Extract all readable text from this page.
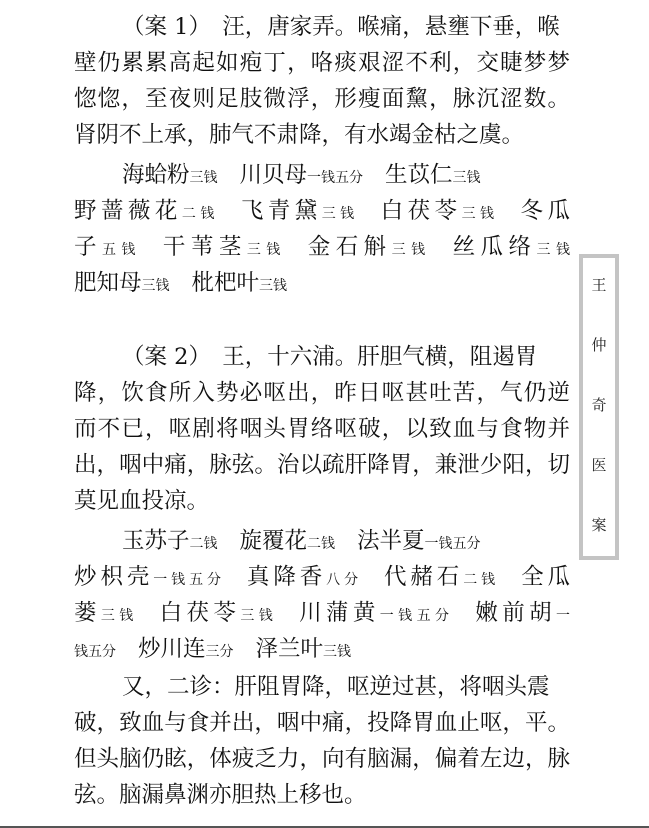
（案 1）　汪，唐家弄。喉痛，悬壅下垂，喉
壁仍累累高起如疱丁，咯痰艰涩不利，交睫梦梦
惚惚，至夜则足肢微浮，形瘦面黧，脉沉涩数。
肾阴不上承，肺气不肃降，有水竭金枯之虞。
海蛤粉三钱 川贝母一钱五分 生苡仁三钱
野蔷薇花二钱 飞青黛三钱 白茯苓三钱 冬瓜
子五钱 干苇茎三钱 金石斛三钱 丝瓜络三钱
肥知母三钱 枇杷叶三钱
（案 2）　王，十六浦。肝胆气横，阻遏胃
降，饮食所入势必呕出，昨日呕甚吐苦，气仍逆
而不已，呕剧将咽头胃络呕破，以致血与食物并
出，咽中痛，脉弦。治以疏肝降胃，兼泄少阳，切
莫见血投凉。
玉苏子二钱 旋覆花二钱 法半夏一钱五分
炒枳壳一钱五分 真降香八分 代赭石二钱 全瓜
蒌三钱 白茯苓三钱 川蒲黄一钱五分 嫩前胡一
钱五分 炒川连三分 泽兰叶三钱
又，二诊：肝阻胃降，呕逆过甚，将咽头震
破，致血与食并出，咽中痛，投降胃血止呕，平。
但头脑仍眩，体疲乏力，向有脑漏，偏着左边，脉
弦。脑漏鼻渊亦胆热上移也。
王
仲
奇
医
案
